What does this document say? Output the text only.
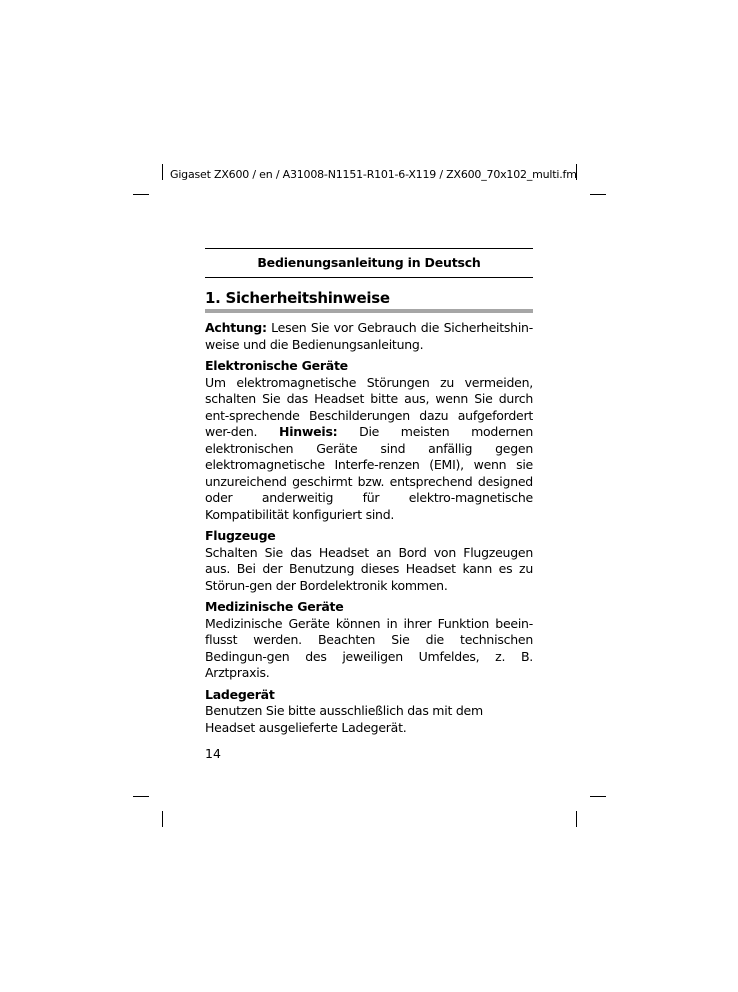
Gigaset ZX600 / en / A31008-N1151-R101-6-X119 / ZX600_70x102_multi.fm
Bedienungsanleitung in Deutsch
1. Sicherheitshinweise

Achtung: Lesen Sie vor Gebrauch die Sicherheitshin-weise und die Bedienungsanleitung.

Elektronische Geräte

Um elektromagnetische Störungen zu vermeiden, schalten Sie das Headset bitte aus, wenn Sie durch ent-sprechende Beschilderungen dazu aufgefordert wer-den. Hinweis: Die meisten modernen elektronischen Geräte sind anfällig gegen elektromagnetische Interfe-renzen (EMI), wenn sie unzureichend geschirmt bzw. entsprechend designed oder anderweitig für elektro-magnetische Kompatibilität konfiguriert sind.

Flugzeuge

Schalten Sie das Headset an Bord von Flugzeugen aus. Bei der Benutzung dieses Headset kann es zu Störun-gen der Bordelektronik kommen.

Medizinische Geräte

Medizinische Geräte können in ihrer Funktion beein-flusst werden. Beachten Sie die technischen Bedingun-gen des jeweiligen Umfeldes, z. B. Arztpraxis.

Ladegerät

Benutzen Sie bitte ausschließlich das mit dem Headset ausgelieferte Ladegerät.

14
